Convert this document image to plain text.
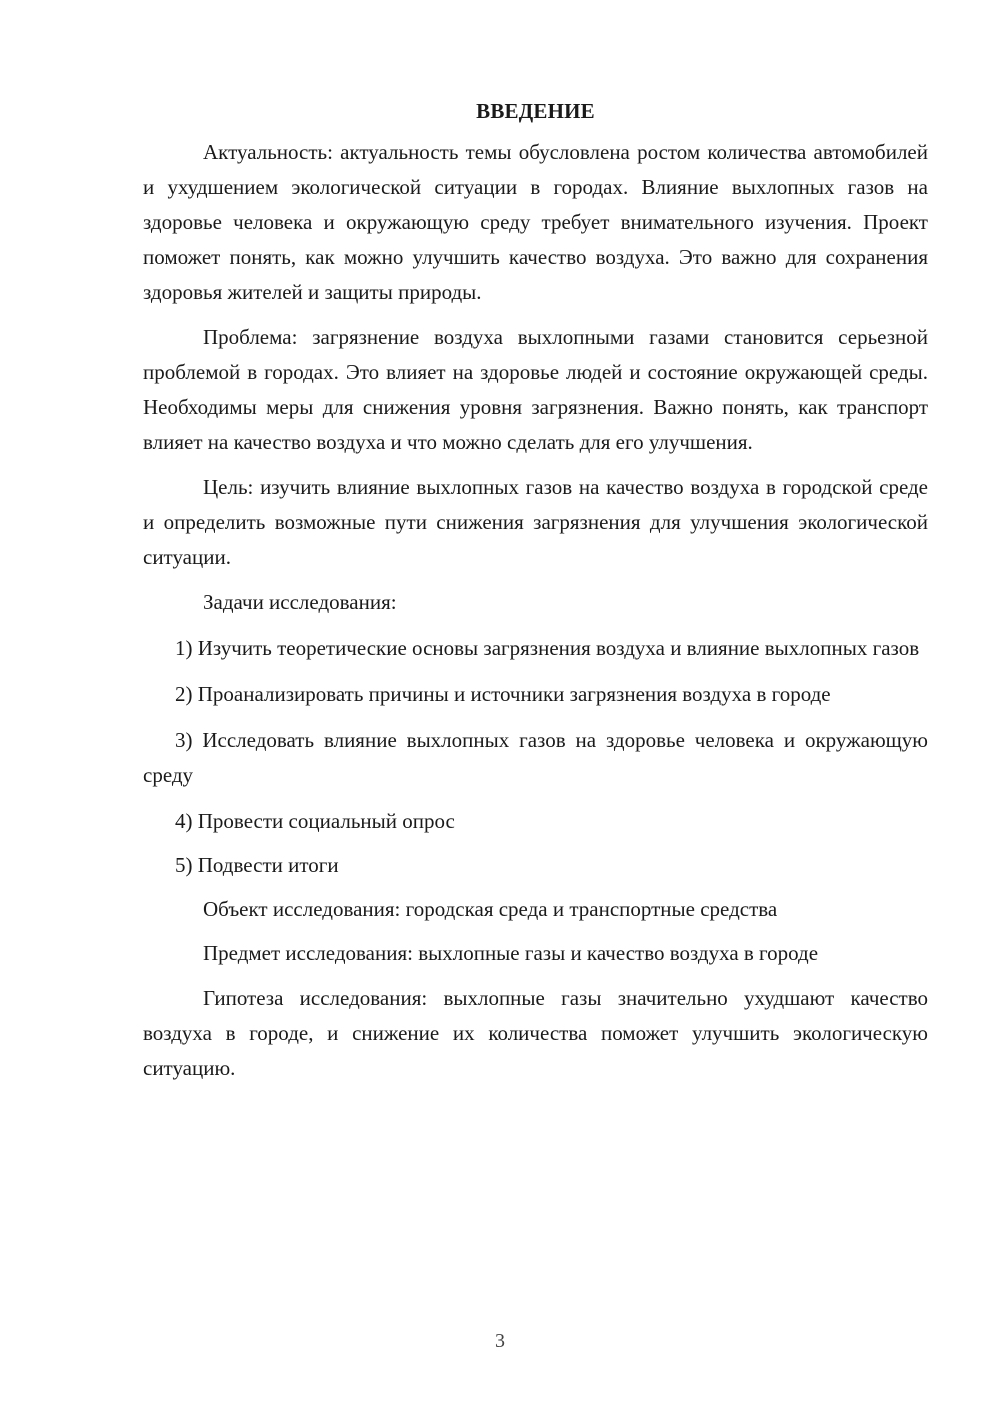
ВВЕДЕНИЕ

Актуальность: актуальность темы обусловлена ростом количества автомобилей и ухудшением экологической ситуации в городах. Влияние выхлопных газов на здоровье человека и окружающую среду требует внимательного изучения. Проект поможет понять, как можно улучшить качество воздуха. Это важно для сохранения здоровья жителей и защиты природы.

Проблема: загрязнение воздуха выхлопными газами становится серьезной проблемой в городах. Это влияет на здоровье людей и состояние окружающей среды. Необходимы меры для снижения уровня загрязнения. Важно понять, как транспорт влияет на качество воздуха и что можно сделать для его улучшения.

Цель: изучить влияние выхлопных газов на качество воздуха в городской среде и определить возможные пути снижения загрязнения для улучшения экологической ситуации.

Задачи исследования:

1) Изучить теоретические основы загрязнения воздуха и влияние выхлопных газов

2) Проанализировать причины и источники загрязнения воздуха в городе

3) Исследовать влияние выхлопных газов на здоровье человека и окружающую среду

4) Провести социальный опрос

5) Подвести итоги

Объект исследования: городская среда и транспортные средства

Предмет исследования: выхлопные газы и качество воздуха в городе

Гипотеза исследования: выхлопные газы значительно ухудшают качество воздуха в городе, и снижение их количества поможет улучшить экологическую ситуацию.

3
